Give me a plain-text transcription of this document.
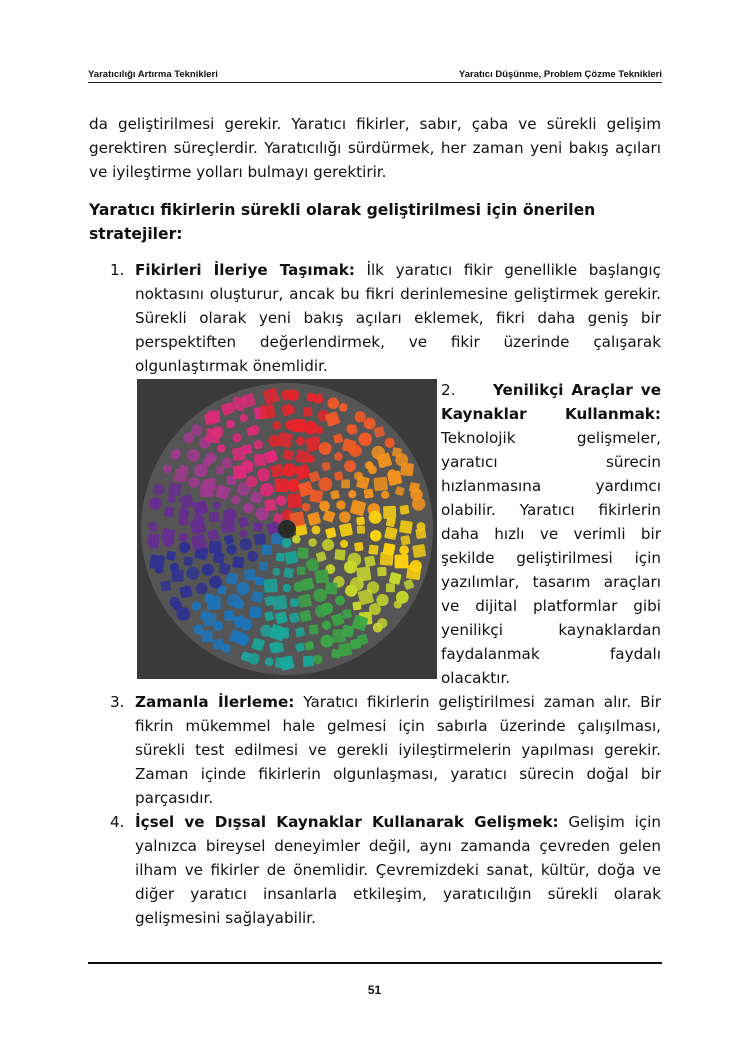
Yaratıcılığı Artırma Teknikleri	Yaratıcı Düşünme, Problem Çözme Teknikleri

da geliştirilmesi gerekir. Yaratıcı fikirler, sabır, çaba ve sürekli gelişim gerektiren süreçlerdir. Yaratıcılığı sürdürmek, her zaman yeni bakış açıları ve iyileştirme yolları bulmayı gerektirir.

Yaratıcı fikirlerin sürekli olarak geliştirilmesi için önerilen stratejiler:

1. Fikirleri İleriye Taşımak: İlk yaratıcı fikir genellikle başlangıç noktasını oluşturur, ancak bu fikri derinlemesine geliştirmek gerekir. Sürekli olarak yeni bakış açıları eklemek, fikri daha geniş bir perspektiften değerlendirmek, ve fikir üzerinde çalışarak olgunlaştırmak önemlidir.
2. Yenilikçi Araçlar ve Kaynaklar Kullanmak: Teknolojik gelişmeler, yaratıcı sürecin hızlanmasına yardımcı olabilir. Yaratıcı fikirlerin daha hızlı ve verimli bir şekilde geliştirilmesi için yazılımlar, tasarım araçları ve dijital platformlar gibi yenilikçi kaynaklardan faydalanmak faydalı olacaktır.
3. Zamanla İlerleme: Yaratıcı fikirlerin geliştirilmesi zaman alır. Bir fikrin mükemmel hale gelmesi için sabırla üzerinde çalışılması, sürekli test edilmesi ve gerekli iyileştirmelerin yapılması gerekir. Zaman içinde fikirlerin olgunlaşması, yaratıcı sürecin doğal bir parçasıdır.
4. İçsel ve Dışsal Kaynaklar Kullanarak Gelişmek: Gelişim için yalnızca bireysel deneyimler değil, aynı zamanda çevreden gelen ilham ve fikirler de önemlidir. Çevremizdeki sanat, kültür, doğa ve diğer yaratıcı insanlarla etkileşim, yaratıcılığın sürekli olarak gelişmesini sağlayabilir.
51
